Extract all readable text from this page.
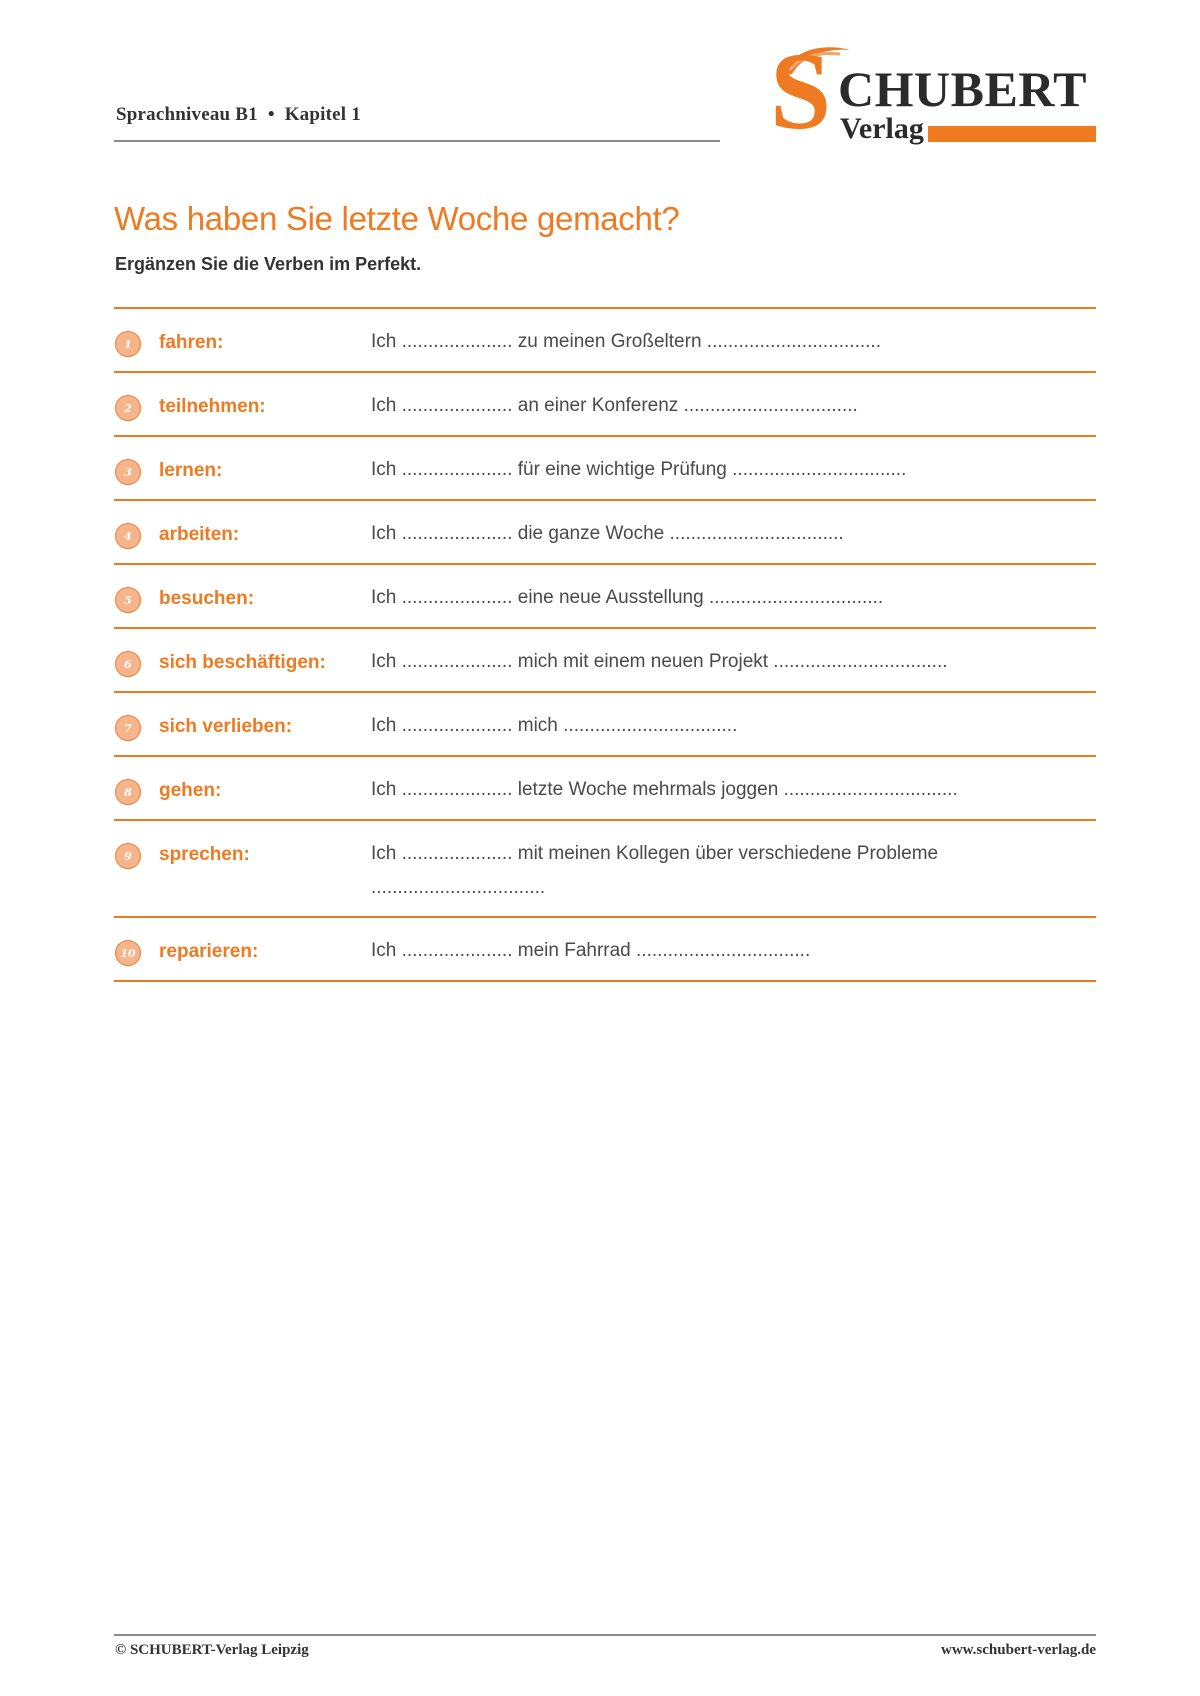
Sprachniveau B1 • Kapitel 1	S CHUBERT
Verlag
Was haben Sie letzte Woche gemacht?

Ergänzen Sie die Verben im Perfekt.

1	fahren:	Ich ..................... zu meinen Großeltern .................................
2	teilnehmen:	Ich ..................... an einer Konferenz .................................
3	lernen:	Ich ..................... für eine wichtige Prüfung .................................
4	arbeiten:	Ich ..................... die ganze Woche .................................
5	besuchen:	Ich ..................... eine neue Ausstellung .................................
6	sich beschäftigen:	Ich ..................... mich mit einem neuen Projekt .................................
7	sich verlieben:	Ich ..................... mich .................................
8	gehen:	Ich ..................... letzte Woche mehrmals joggen .................................
9	sprechen:	Ich ..................... mit meinen Kollegen über verschiedene Probleme .................................
10 reparieren:	Ich ..................... mein Fahrrad .................................
© SCHUBERT-Verlag Leipzig	www.schubert-verlag.de
